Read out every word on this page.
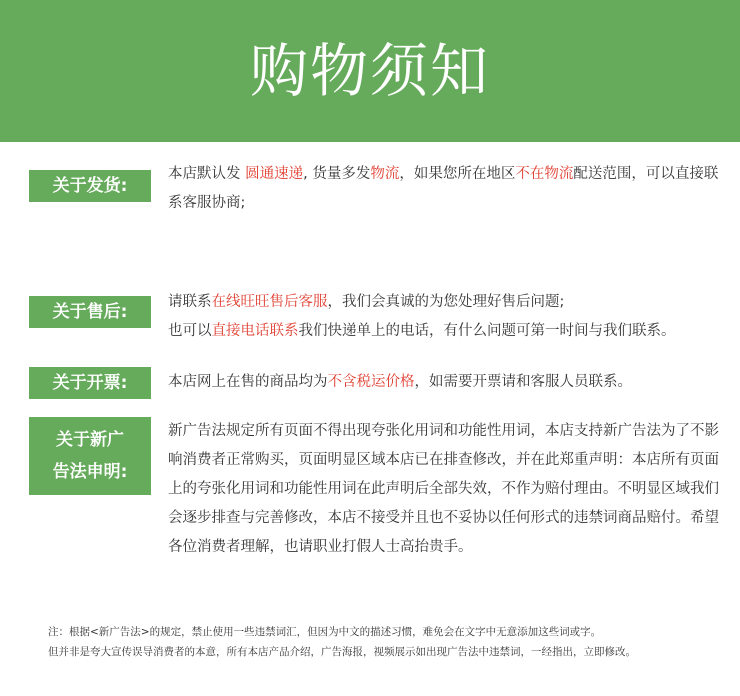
购物须知
关于发货:

本店默认发 圆通速递, 货量多发物流，如果您所在地区不在物流配送范围，可以直接联系客服协商;

关于售后:	请联系在线旺旺售后客服，我们会真诚的为您处理好售后问题;

也可以直接电话联系我们快递单上的电话，有什么问题可第一时间与我们联系。

关于开票:	本店网上在售的商品均为不含税运价格，如需要开票请和客服人员联系。

关于新广
告法申明:

新广告法规定所有页面不得出现夸张化用词和功能性用词，本店支持新广告法为了不影响消费者正常购买，页面明显区域本店已在排查修改，并在此郑重声明：本店所有页面上的夸张化用词和功能性用词在此声明后全部失效，不作为赔付理由。不明显区域我们会逐步排查与完善修改，本店不接受并且也不妥协以任何形式的违禁词商品赔付。希望各位消费者理解，也请职业打假人士高抬贵手。

注：根据<新广告法>的规定，禁止使用一些违禁词汇，但因为中文的描述习惯，难免会在文字中无意添加这些词或字。

但并非是夸大宣传误导消费者的本意，所有本店产品介绍，广告海报，视频展示如出现广告法中违禁词，一经指出，立即修改。
